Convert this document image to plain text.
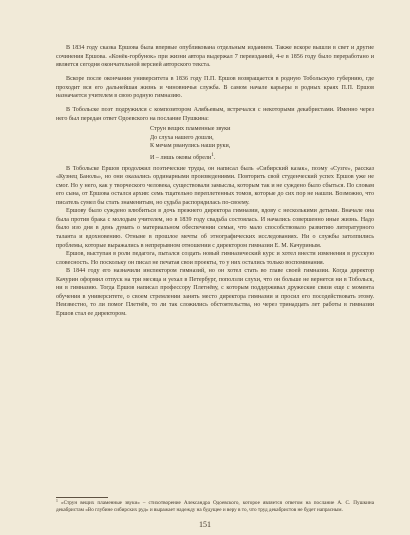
В 1834 году сказка Ершова была впервые опубликована отдельным изданием. Также вскоре вышли в свет и другие сочинения Ершова. «Конёк-горбунок» при жизни автора выдержал 7 переизданий, 4-е в 1856 году было переработано и является сегодня окончательной версией авторского текста.

Вскоре после окончания университета в 1836 году П.П. Ершов возвращается в родную Тобольскую губернию, где проходит вся его дальнейшая жизнь и чиновничья служба. В самом начале карьеры в родных краях П.П. Ершов назначается учителем в свою родную гимназию.

В Тобольске поэт подружился с композитором Алябьевым, встречался с некоторыми декабристами. Именно через него был передан ответ Одоевского на послание Пушкина:

Струн вещих пламенные звуки
До слуха нашего дошли,
К мечам рванулись наши руки,
И – лишь оковы обрели$^1$.

В Тобольске Ершов продолжил поэтические труды, он написал быль «Сибирский казак», поэму «Сузге», рассказ «Кузнец Баноль», но они оказались ординарными произведениями. Повторить свой студенческий успех Ершов уже не смог. Но у него, как у творческого человека, существовали замыслы, которым так и не суждено было сбыться. По словам его сына, от Ершова остался архив: семь тщательно переплетенных томов, которые до сих пор не нашли. Возможно, что писатель сумел бы стать знаменитым, но судьба распорядилась по-своему.

Ершову было суждено влюбиться в дочь прежнего директора гимназии, вдову с несколькими детьми. Вначале она была против брака с молодым учителем, но в 1839 году свадьба состоялась. И начались совершенно иные жизнь. Надо было изо дня в день думать о материальном обеспечении семьи, что мало способствовало развитию литературного таланта и вдохновению. Отныне в прошлое мечты об этнографических исследованиях. Ни о службы затолпились проблемы, которые выражались в непрерывном отношении с директором гимназии Е. М. Качуриным.

Ершов, выступая в роли педагога, пытался создать новый гимназический курс и хотел внести изменения в русскую словесность. Но поскольку он писал не печатая свои проекты, то у них остались только воспоминания.

В 1844 году его назначили инспектором гимназий, но он хотел стать во главе своей гимназии. Когда директор Качурин оформил отпуск на три месяца и уехал в Петербург, поползли слухи, что он больше не вернется ни в Тобольск, ни в гимназию. Тогда Ершов написал профессору Плетнёву, с которым поддерживал дружеские связи еще с момента обучения в университете, о своем стремлении занять место директора гимназии и просил его посодействовать этому. Неизвестно, то ли помог Плетнёв, то ли так сложились обстоятельства, но через тринадцать лет работы в гимназии Ершов стал ее директором.

$^1$ «Струн вещих пламенные звуки» – стихотворение Александра Одоевского, которое является ответом на послание А. С. Пушкина декабристам «Во глубине сибирских руд» и выражает надежду на будущее и веру в то, что труд декабристов не будет напрасным.
151
